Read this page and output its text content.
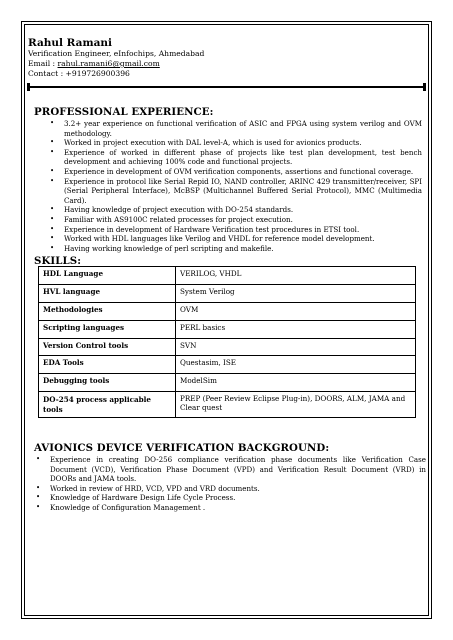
Rahul Ramani
Verification Engineer, eInfochips, Ahmedabad
Email : rahul.ramani6@gmail.com
Contact : +919726900396
PROFESSIONAL EXPERIENCE:
• 3.2+ year experience on functional verification of ASIC and FPGA using system verilog and OVM methodology.
• Worked in project execution with DAL level-A, which is used for avionics products.
• Experience of worked in different phase of projects like test plan development, test bench development and achieving 100% code and functional projects.
• Experience in development of OVM verification components, assertions and functional coverage.
• Experience in protocol like Serial Repid IO, NAND controller, ARINC 429 transmitter/receiver, SPI (Serial Peripheral Interface), McBSP (Multichannel Buffered Serial Protocol), MMC (Multimedia Card).
• Having knowledge of project execution with DO-254 standards.
• Familiar with AS9100C related processes for project execution.
• Experience in development of Hardware Verification test procedures in ETSI tool.
• Worked with HDL languages like Verilog and VHDL for reference model development.
• Having working knowledge of perl scripting and makefile.
SKILLS:
HDL Language	VERILOG, VHDL
HVL language	System Verilog
Methodologies	OVM
Scripting languages	PERL basics
Version Control tools	SVN
EDA Tools	Questasim, ISE
Debugging tools	ModelSim
DO-254 process applicable tools	PREP (Peer Review Eclipse Plug-in), DOORS, ALM, JAMA and Clear quest
AVIONICS DEVICE VERIFICATION BACKGROUND:
• Experience in creating DO-256 compliance verification phase documents like Verification Case Document (VCD), Verification Phase Document (VPD) and Verification Result Document (VRD) in DOORs and JAMA tools.
• Worked in review of HRD, VCD, VPD and VRD documents.
• Knowledge of Hardware Design Life Cycle Process.
• Knowledge of Configuration Management .
